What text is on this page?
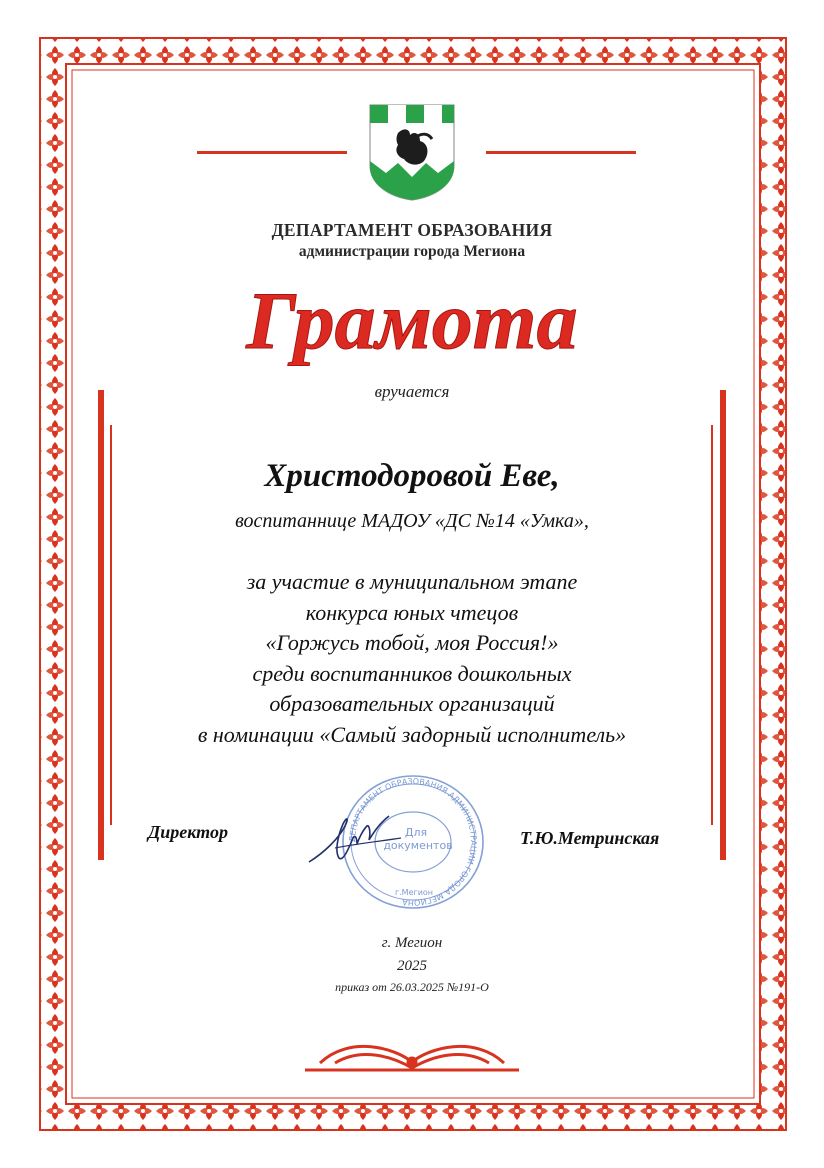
ДЕПАРТАМЕНТ ОБРАЗОВАНИЯ
администрации города Мегиона
Грамота
вручается
Христодоровой Еве,
воспитаннице МАДОУ «ДС №14 «Умка»,
за участие в муниципальном этапе
конкурса юных чтецов
«Горжусь тобой, моя Россия!»
среди воспитанников дошкольных
образовательных организаций
в номинации «Самый задорный исполнитель»
ДЕПАРТАМЕНТ ОБРАЗОВАНИЯ АДМИНИСТРАЦИИ ГОРОДА МЕГИОНА
Для
документов
г.Мегион
Директор	Т.Ю.Метринская
г. Мегион
2025
приказ от 26.03.2025 №191-О
